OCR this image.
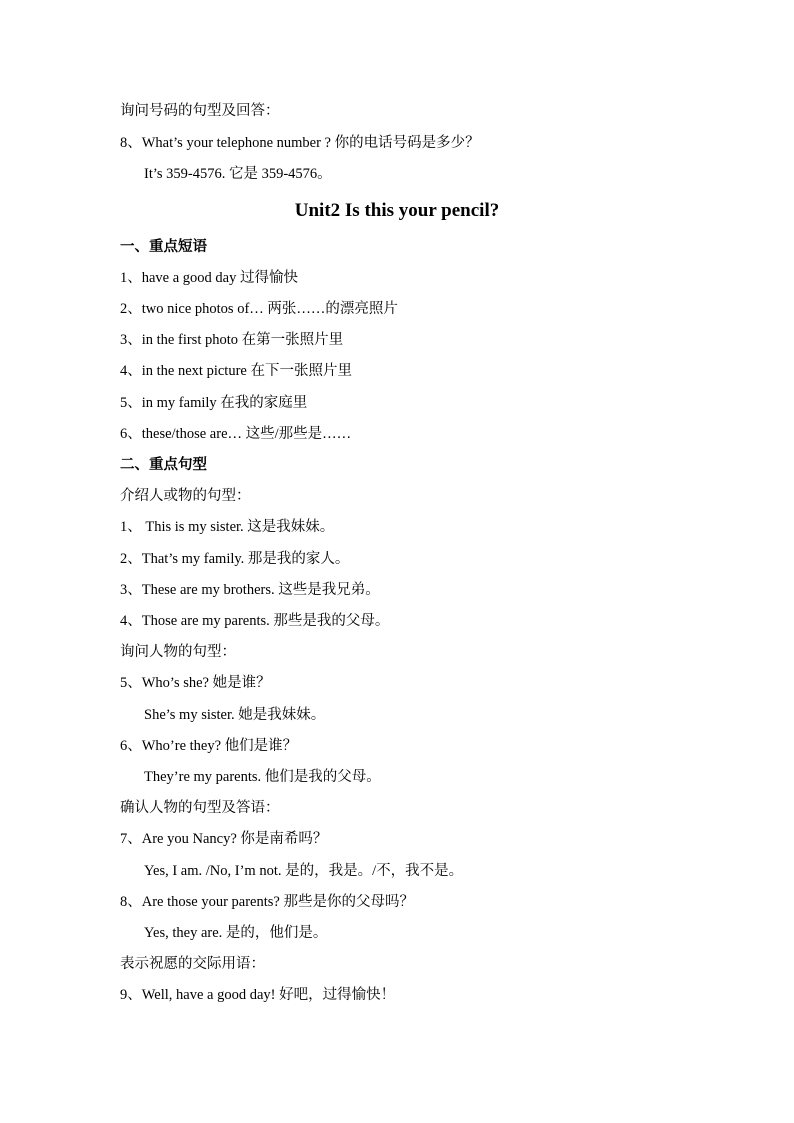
询问号码的句型及回答：
8、What’s your telephone number ? 你的电话号码是多少？
It’s 359-4576. 它是 359-4576。
Unit2 Is this your pencil?
一、重点短语
1、have a good day 过得愉快
2、two nice photos of… 两张……的漂亮照片
3、in the first photo 在第一张照片里
4、in the next picture 在下一张照片里
5、in my family 在我的家庭里
6、these/those are… 这些/那些是……
二、重点句型
介绍人或物的句型：
1、 This is my sister. 这是我妹妹。
2、That’s my family. 那是我的家人。
3、These are my brothers. 这些是我兄弟。
4、Those are my parents. 那些是我的父母。
询问人物的句型：
5、Who’s she? 她是谁？
She’s my sister. 她是我妹妹。
6、Who’re they? 他们是谁？
They’re my parents. 他们是我的父母。
确认人物的句型及答语：
7、Are you Nancy? 你是南希吗？
Yes, I am. /No, I’m not. 是的，我是。/不，我不是。
8、Are those your parents? 那些是你的父母吗？
Yes, they are. 是的，他们是。
表示祝愿的交际用语：
9、Well, have a good day! 好吧，过得愉快！
